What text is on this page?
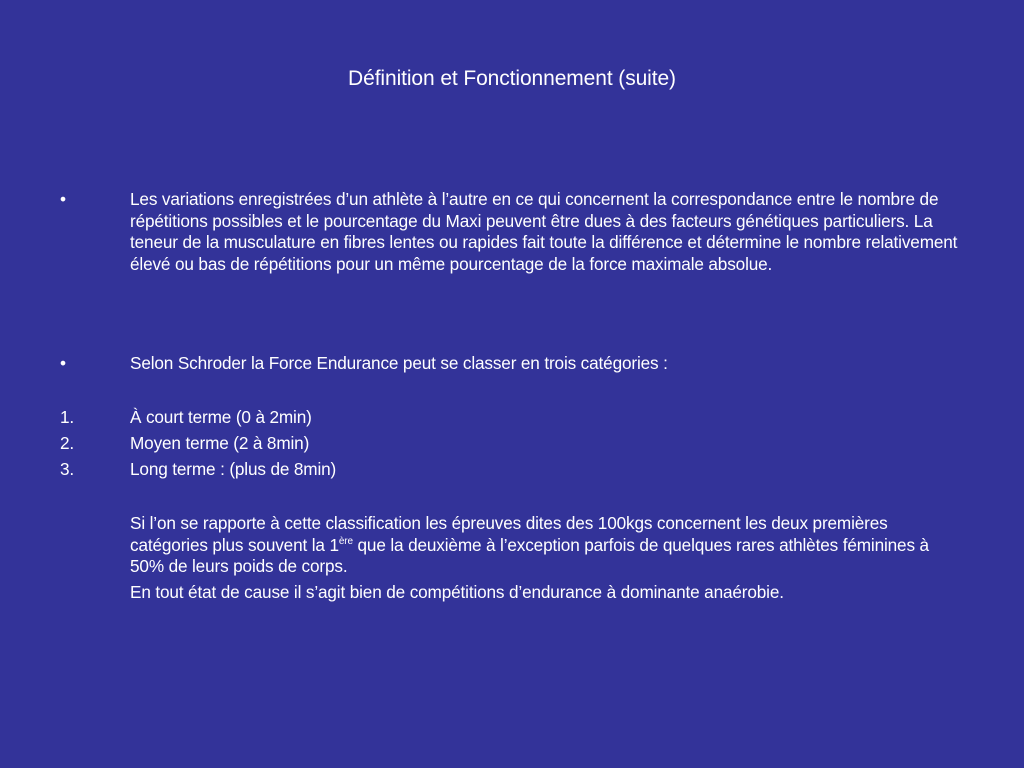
Définition et Fonctionnement (suite)
•	Les variations enregistrées d’un athlète à l’autre en ce qui concernent la correspondance entre le nombre de répétitions possibles et le pourcentage du Maxi peuvent être dues à des facteurs génétiques particuliers. La teneur de la musculature en fibres lentes ou rapides fait toute la différence et détermine le nombre relativement élevé ou bas de répétitions pour un même pourcentage de la force maximale absolue.
•	Selon Schroder la Force Endurance peut se classer en trois catégories :
1.	À court terme (0 à 2min)
2.	Moyen terme (2 à 8min)
3.	Long terme : (plus de 8min)
Si l’on se rapporte à cette classification les épreuves dites des 100kgs concernent les deux premières catégories plus souvent la 1ère que la deuxième à l’exception parfois de quelques rares athlètes féminines à 50% de leurs poids de corps.
En tout état de cause il s’agit bien de compétitions d’endurance à dominante anaérobie.
